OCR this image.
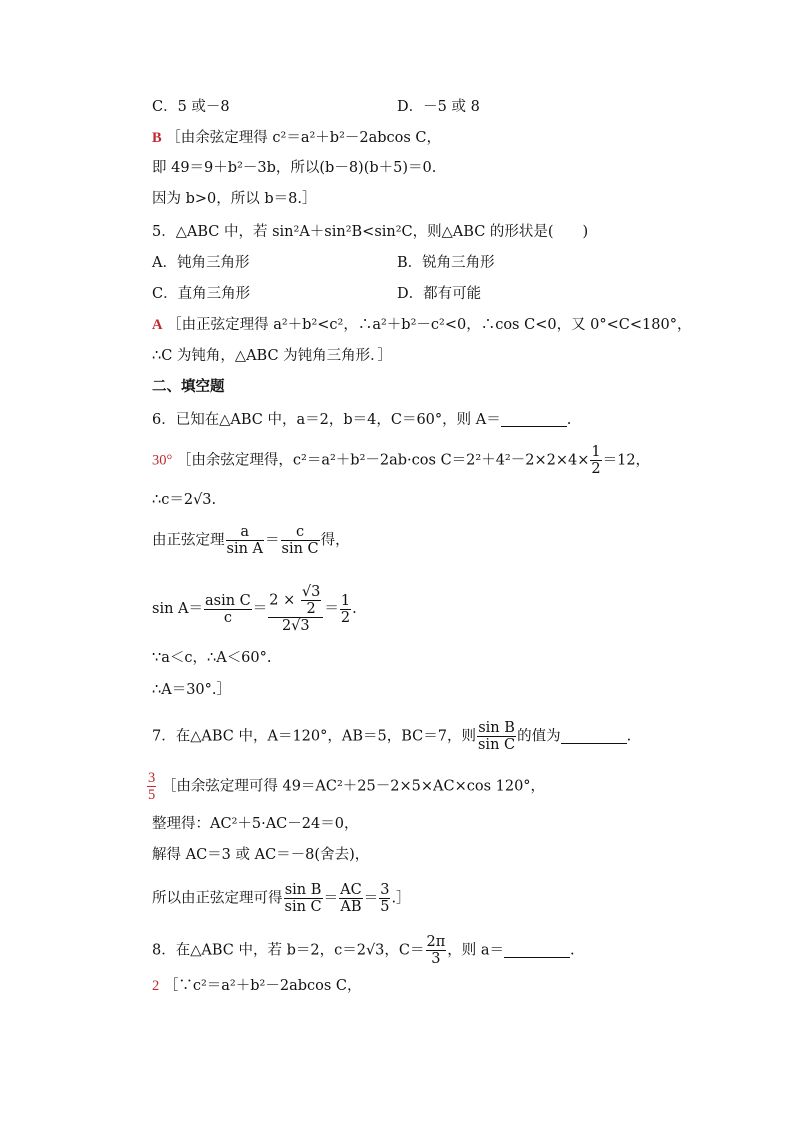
C．5 或－8	D．－5 或 8
B ［由余弦定理得 c²＝a²＋b²－2abcos C，
即 49＝9＋b²－3b，所以(b－8)(b＋5)＝0.
因为 b>0，所以 b＝8.］
5．△ABC 中，若 sin²A＋sin²B<sin²C，则△ABC 的形状是(　　)
A．钝角三角形	B．锐角三角形
C．直角三角形	D．都有可能
A ［由正弦定理得 a²＋b²<c²，∴a²＋b²－c²<0，∴cos C<0，又 0°<C<180°，
∴C 为钝角，△ABC 为钝角三角形．］
二、填空题
6．已知在△ABC 中，a＝2，b＝4，C＝60°，则 A＝	.
30° ［由余弦定理得，c²＝a²＋b²－2ab·cos $C=2^2+4^2-2\times 2\times 4\times \frac{1}{2} =12$，
∴c＝2√3.
由正弦定理 $\frac{a}{\text{sin A}} = \frac{c}{\text{sin C}}$ 得，
$\sin A= \frac{\text{asin C}}{c} = \frac{2 \times \frac{√3}{2}}{2√3} = \frac{1}{2}$ .
∵a＜c，∴A＜60°.
∴A＝30°.］
7．在△ABC 中，A＝120°，AB＝5，BC＝7，则 $\frac{\text{sin B}}{\text{sin C}}$ 的值为	.
$\frac{3}{5}$ ［由余弦定理可得 49＝AC²＋25－2×5×AC×cos 120°，
整理得：AC²＋5·AC－24＝0，
解得 AC＝3 或 AC＝－8(舍去)，
所以由正弦定理可得 $\frac{\text{sin B}}{\text{sin C}} = \frac{AC}{AB} = \frac{3}{5}$ .］
8．在△ABC 中，若 b＝2，c＝2√3，$C= \frac{2\pi}{3}$ ，则 a＝	.
2 ［∵c²＝a²＋b²－2abcos C，
